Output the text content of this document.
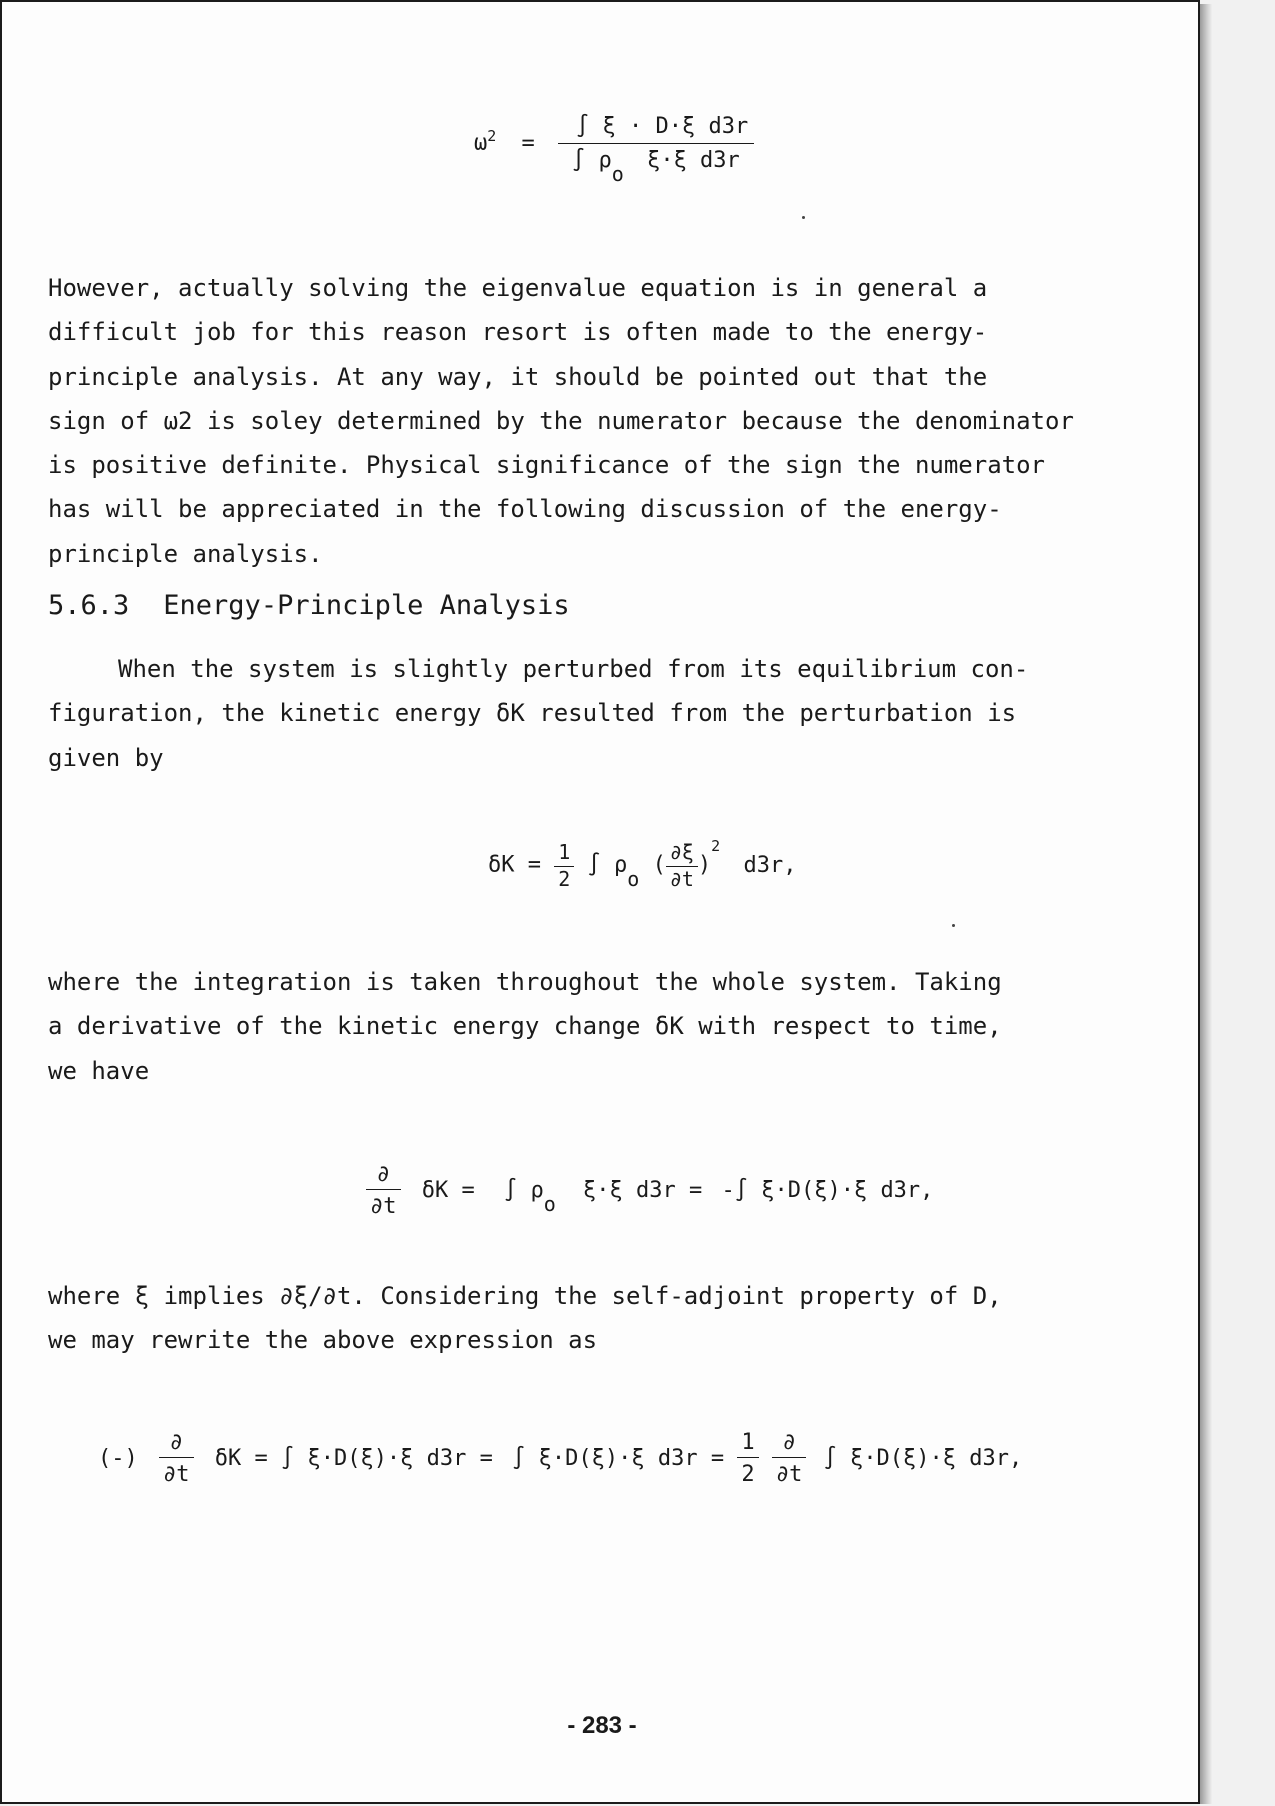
$\omega^2 = \frac{\text{∫ ξ · D·ξ d3r}}{\text{∫ ρo ξ·ξ d3r}}$

However, actually solving the eigenvalue equation is in general a
difficult job for this reason resort is often made to the energy-
principle analysis. At any way, it should be pointed out that the
sign of ω2 is soley determined by the numerator because the denominator
is positive definite. Physical significance of the sign the numerator
has will be appreciated in the following discussion of the energy-
principle analysis.

5.6.3 Energy-Principle Analysis

When the system is slightly perturbed from its equilibrium con-
figuration, the kinetic energy δK resulted from the perturbation is
given by

$\delta K = \frac{1}{2}$ ∫ ρo ( $\frac{\partial\xi}{\partial t} )^2$ d3r,

where the integration is taken throughout the whole system. Taking
a derivative of the kinetic energy change δK with respect to time,
we have

$\frac{\partial}{\partial t}$ δK = ∫ ρo ξ·ξ d3r = -∫ ξ·D(ξ)·ξ d3r,

where ξ implies ∂ξ/∂t. Considering the self-adjoint property of D,
we may rewrite the above expression as

(-) $\frac{\partial}{\partial t}$ δK = ∫ ξ·D(ξ)·ξ d3r = ∫ ξ·D(ξ)·ξ $d3r = \frac{1}{2}$
$\frac{\partial}{\partial t}$ ∫ ξ·D(ξ)·ξ d3r,
- 283 -
